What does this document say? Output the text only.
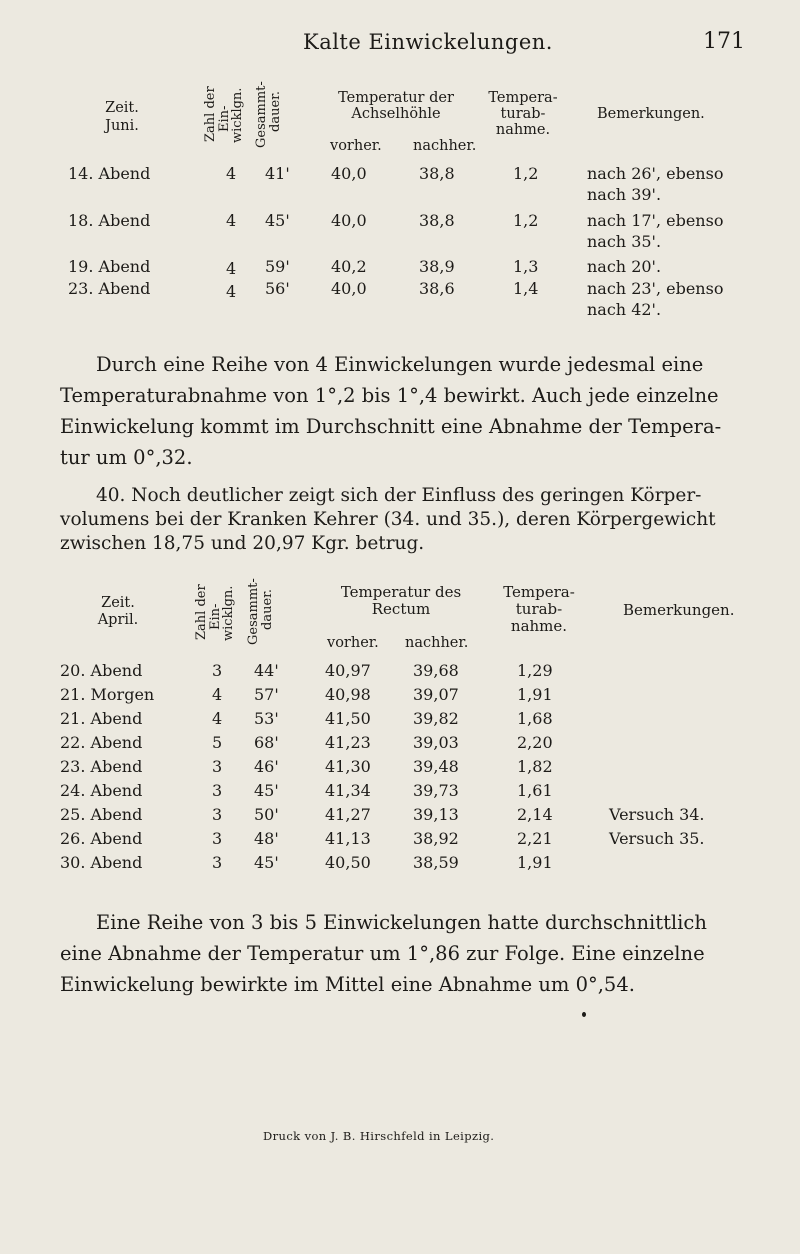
Kalte Einwickelungen.	171
Zeit.
Juni.	Zahl der Ein-
wicklgn. Gesammt- dauer.	Temperatur der
Achselhöhle
vorher. nachher.
Tempera-
turab-
nahme.
Bemerkungen.
14. Abend	4 41'	40,0	38,8	1,2	nach 26', ebenso
nach 39'.
18. Abend	4 45'	40,0	38,8	1,2	nach 17', ebenso
nach 35'.
19. Abend	4 59'	40,2	38,9	1,3	nach 20'.
23. Abend	4 56'	40,0	38,6	1,4	nach 23', ebenso
nach 42'.
Durch eine Reihe von 4 Einwickelungen wurde jedesmal eine
Temperaturabnahme von 1°,2 bis 1°,4 bewirkt. Auch jede einzelne
Einwickelung kommt im Durchschnitt eine Abnahme der Tempera-
tur um 0°,32.
40. Noch deutlicher zeigt sich der Einfluss des geringen Körper-
volumens bei der Kranken Kehrer (34. und 35.), deren Körpergewicht
zwischen 18,75 und 20,97 Kgr. betrug.
Zeit.
April.	Zahl der Ein-
wicklgn. Gesammt- dauer.	Temperatur des
Rectum
vorher. nachher.
Tempera-
turab-
nahme.
Bemerkungen.
20. Abend	3 44'	40,97	39,68	1,29
21. Morgen	4 57'	40,98	39,07	1,91
21. Abend	4 53'	41,50	39,82	1,68
22. Abend	5 68'	41,23	39,03	2,20
23. Abend	3 46'	41,30	39,48	1,82
24. Abend	3 45'	41,34	39,73	1,61
25. Abend	3 50'	41,27	39,13	2,14	Versuch 34.
26. Abend	3 48'	41,13	38,92	2,21	Versuch 35.
30. Abend	3 45'	40,50	38,59	1,91
Eine Reihe von 3 bis 5 Einwickelungen hatte durchschnittlich
eine Abnahme der Temperatur um 1°,86 zur Folge. Eine einzelne
Einwickelung bewirkte im Mittel eine Abnahme um 0°,54.
Druck von J. B. Hirschfeld in Leipzig.
